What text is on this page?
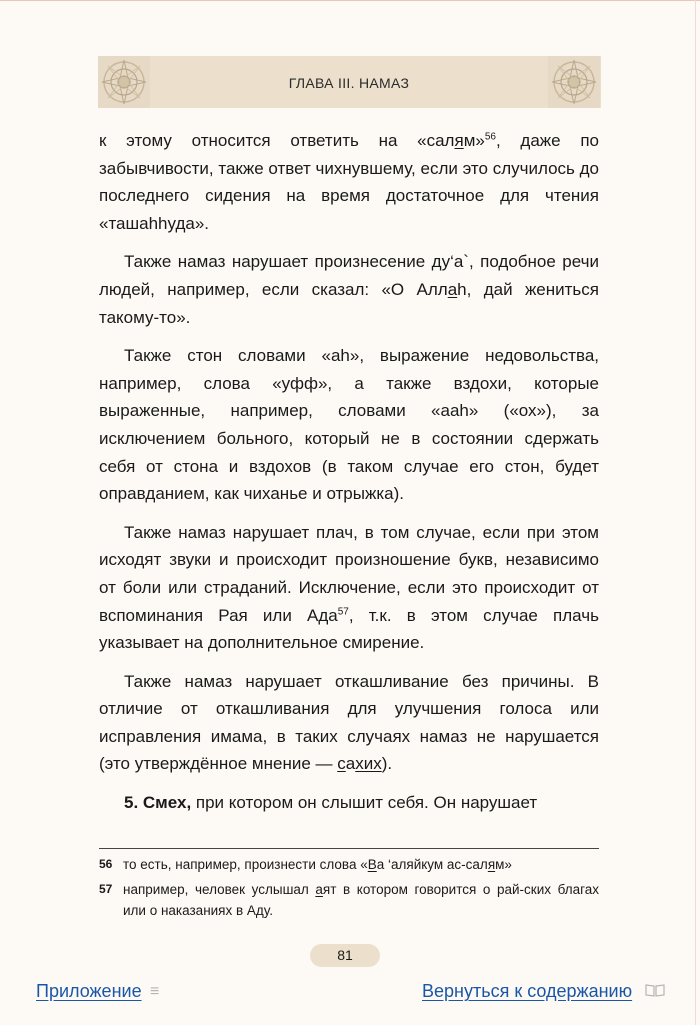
ГЛАВА III. НАМАЗ

к этому относится ответить на «салям»$^{56}$, даже по забывчивости, также ответ чихнувшему, если это случилось до последнего сидения на время достаточное для чтения «ташаhhуда».

Также намаз нарушает произнесение ду‘а`, подобное речи людей, например, если сказал: «О Аллаh, дай жениться такому-то».

Также стон словами «аh», выражение недовольства, например, слова «уфф», а также вздохи, которые выраженные, например, словами «ааh» («ох»), за исключением больного, который не в состоянии сдержать себя от стона и вздохов (в таком случае его стон, будет оправданием, как чиханье и отрыжка).

Также намаз нарушает плач, в том случае, если при этом исходят звуки и происходит произношение букв, независимо от боли или страданий. Исключение, если это происходит от вспоминания Рая или Ада$^{57}$, т.к. в этом случае плачь указывает на дополнительное смирение.

Также намаз нарушает откашливание без причины. В отличие от откашливания для улучшения голоса или исправления имама, в таких случаях намаз не нарушается (это утверждённое мнение — сахих).

5. Смех, при котором он слышит себя. Он нарушает

56 то есть, например, произнести слова «Ва ‘аляйкум ас-салям»
57 например, человек услышал аят в котором говорится о рай-ских благах или о наказаниях в Аду.
81
Приложение ≡	Вернуться к содержанию
